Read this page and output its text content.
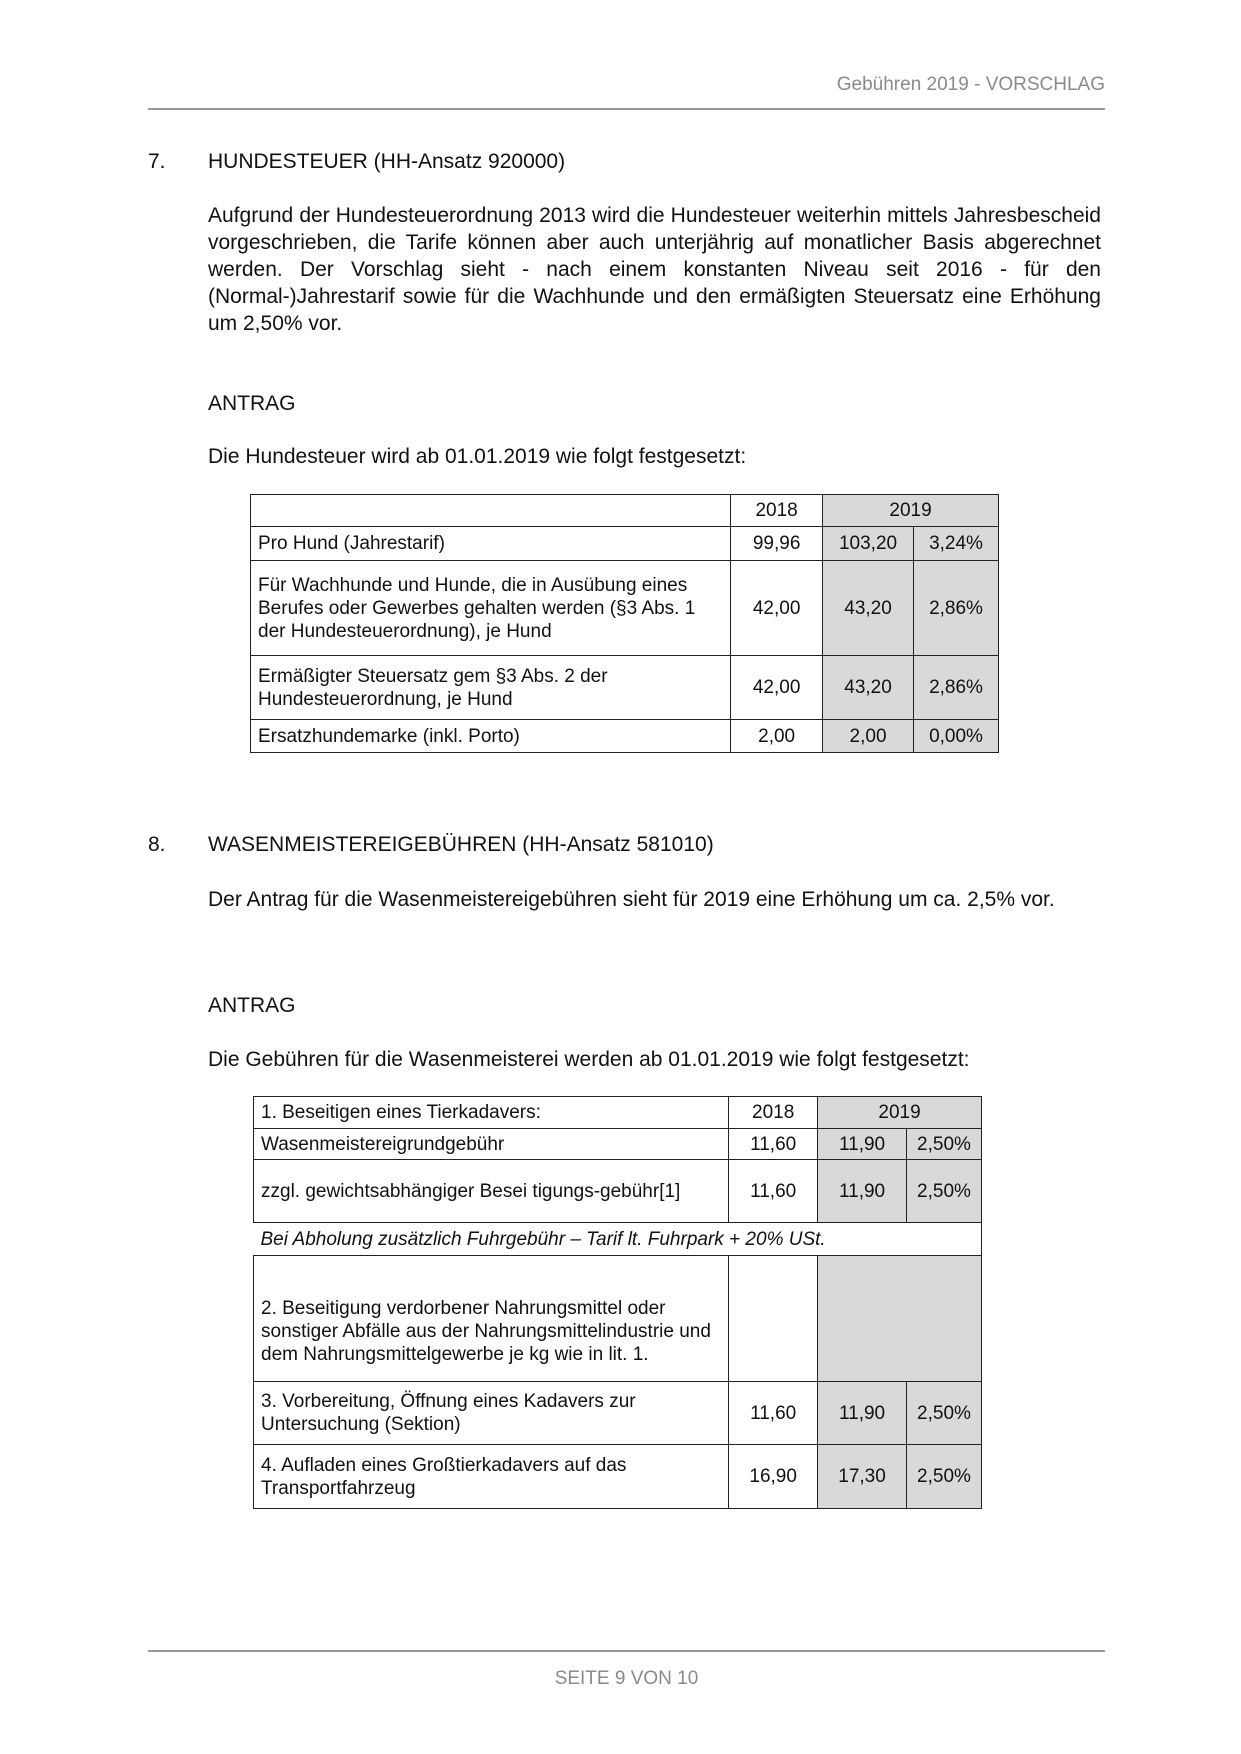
Gebühren 2019 - VORSCHLAG
7. HUNDESTEUER (HH-Ansatz 920000)
Aufgrund der Hundesteuerordnung 2013 wird die Hundesteuer weiterhin mittels Jahresbescheid vorgeschrieben, die Tarife können aber auch unterjährig auf monatlicher Basis abgerechnet werden. Der Vorschlag sieht - nach einem konstanten Niveau seit 2016 - für den (Normal-)Jahrestarif sowie für die Wachhunde und den ermäßigten Steuersatz eine Erhöhung um 2,50% vor.
ANTRAG
Die Hundesteuer wird ab 01.01.2019 wie folgt festgesetzt:
	2018	2019	
Pro Hund (Jahrestarif)	99,96	103,20	3,24%
Für Wachhunde und Hunde, die in Ausübung eines Berufes oder Gewerbes gehalten werden (§3 Abs. 1 der Hundesteuerordnung), je Hund	42,00	43,20	2,86%
Ermäßigter Steuersatz gem §3 Abs. 2 der Hundesteuerordnung, je Hund	42,00	43,20	2,86%
Ersatzhundemarke (inkl. Porto)	2,00	2,00	0,00%
8. WASENMEISTEREIGEBÜHREN (HH-Ansatz 581010)
Der Antrag für die Wasenmeistereigebühren sieht für 2019 eine Erhöhung um ca. 2,5% vor.
ANTRAG
Die Gebühren für die Wasenmeisterei werden ab 01.01.2019 wie folgt festgesetzt:
1. Beseitigen eines Tierkadavers:	2018	2019	
Wasenmeistereigrundgebühr	11,60	11,90	2,50%
zzgl. gewichtsabhängiger Besei tigungs-gebühr[1]	11,60	11,90	2,50%
Bei Abholung zusätzlich Fuhrgebühr – Tarif lt. Fuhrpark + 20% USt.			
2. Beseitigung verdorbener Nahrungsmittel oder sonstiger Abfälle aus der Nahrungsmittelindustrie und dem Nahrungsmittelgewerbe je kg wie in lit. 1.			
3. Vorbereitung, Öffnung eines Kadavers zur Untersuchung (Sektion)	11,60	11,90	2,50%
4. Aufladen eines Großtierkadavers auf das Transportfahrzeug	16,90	17,30	2,50%
SEITE 9 VON 10
